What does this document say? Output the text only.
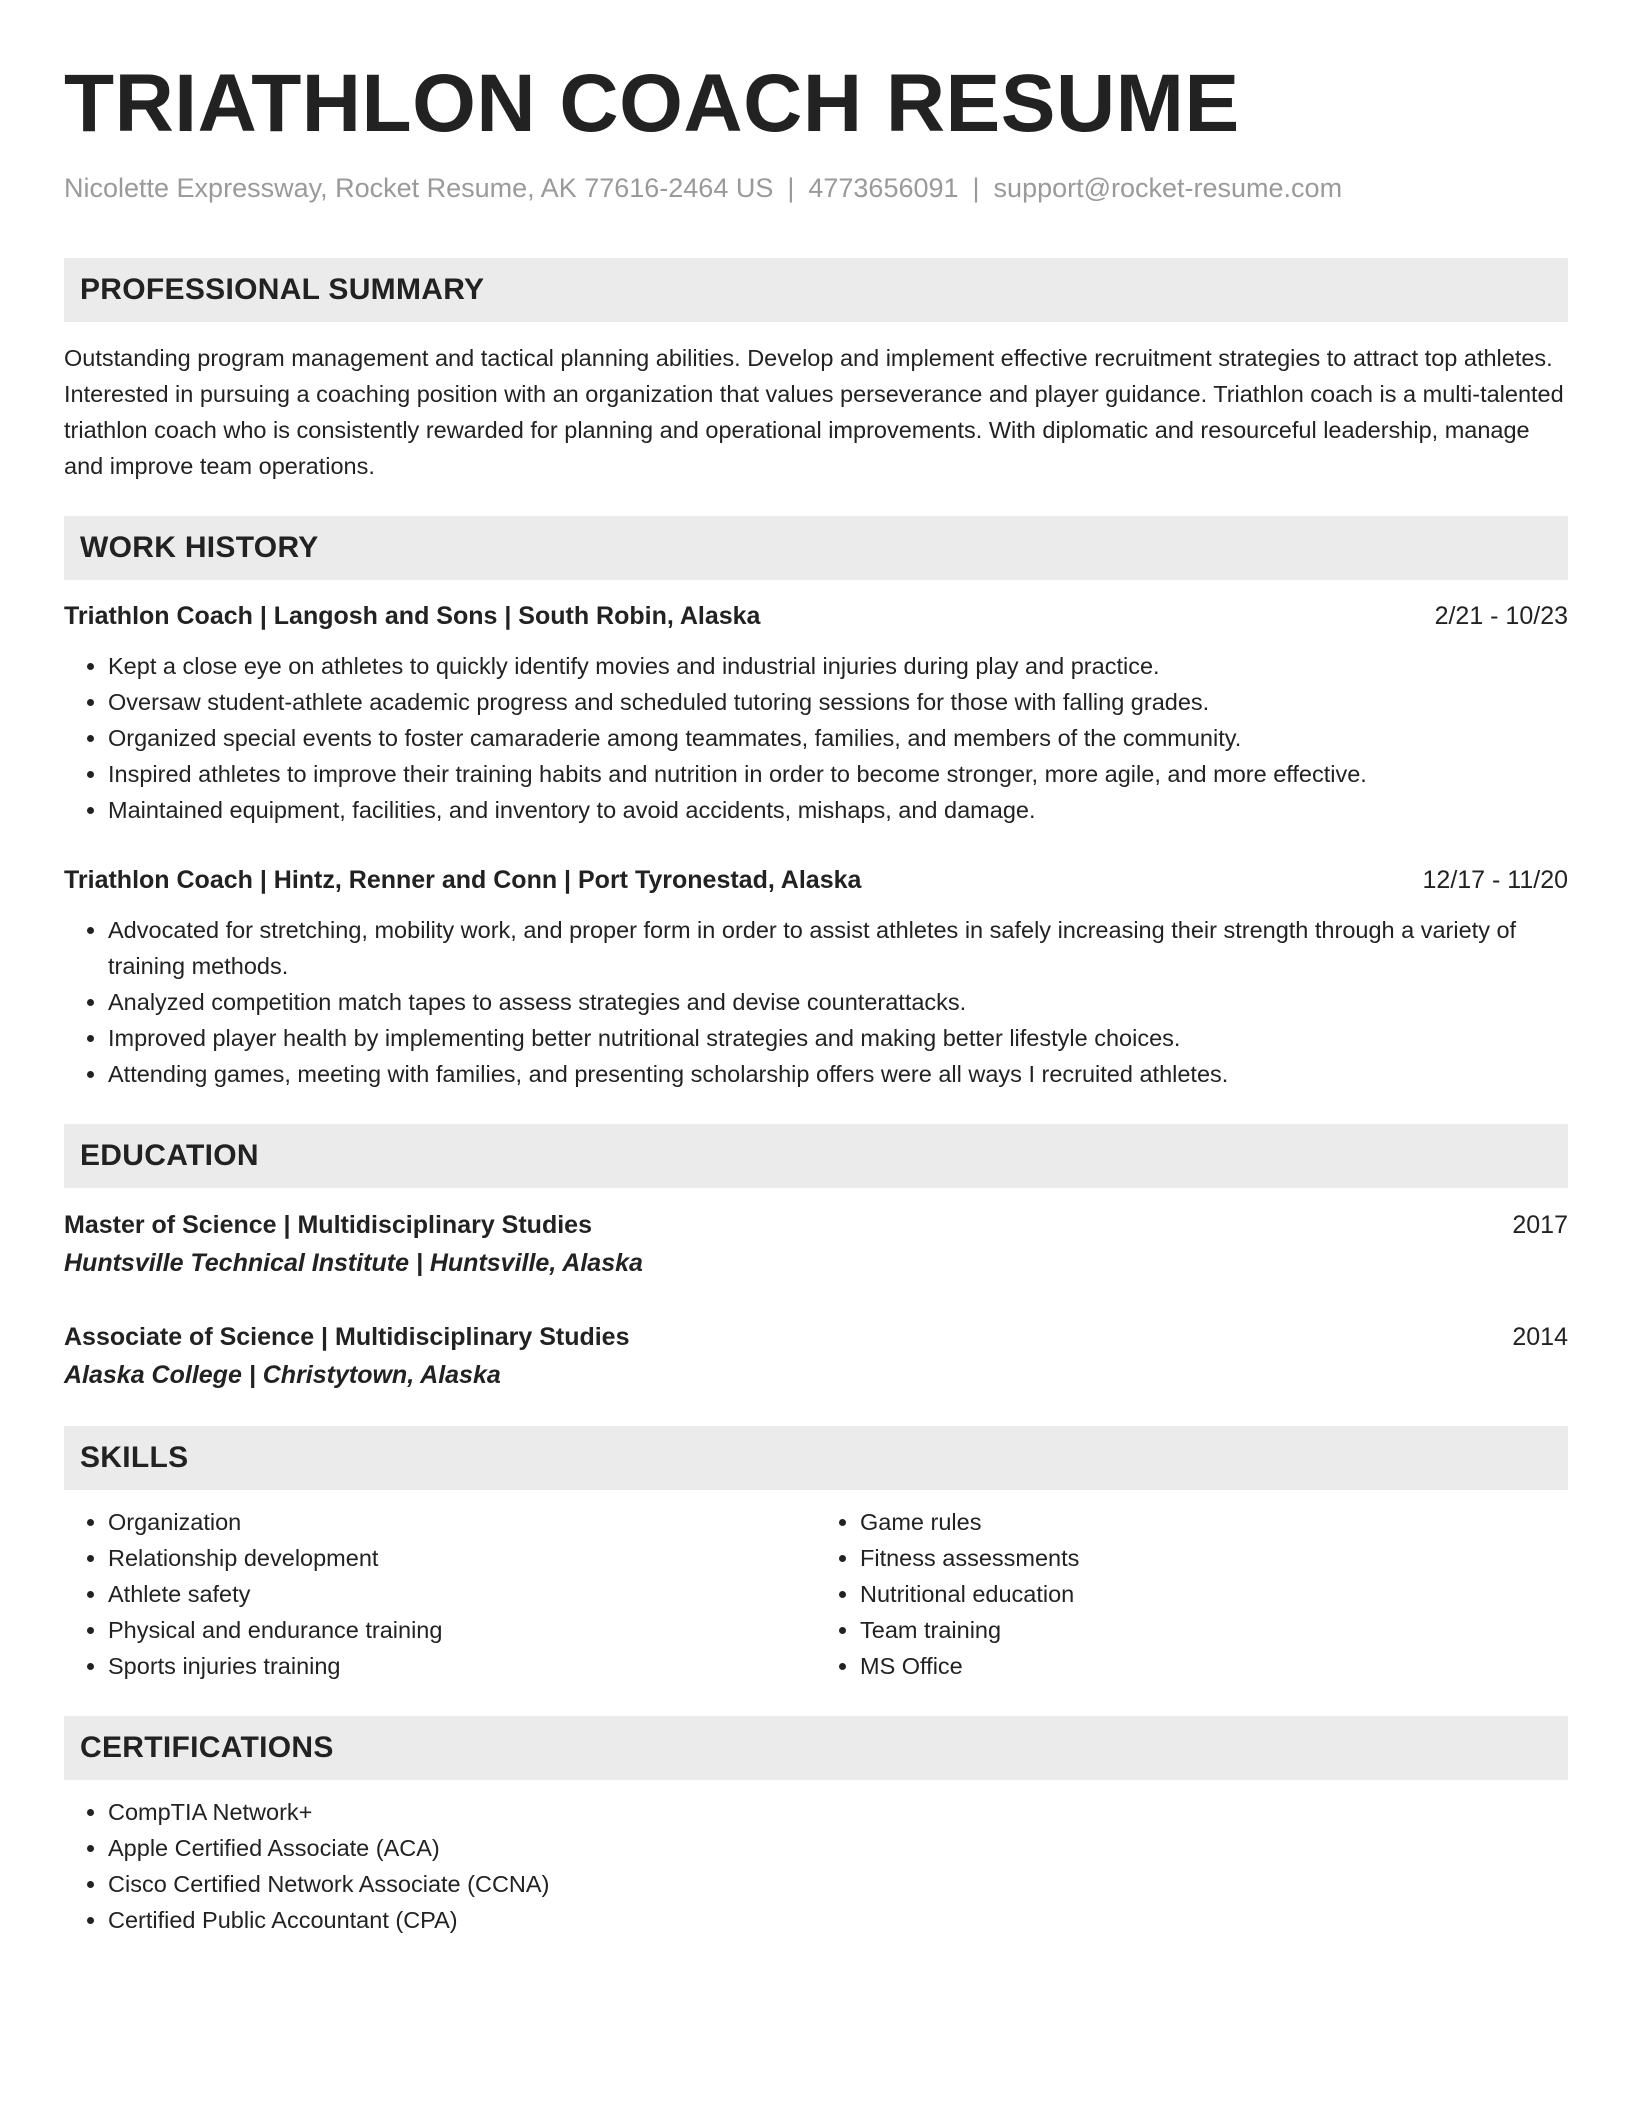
TRIATHLON COACH RESUME
Nicolette Expressway, Rocket Resume, AK 77616-2464 US | 4773656091 | support@rocket-resume.com
PROFESSIONAL SUMMARY

Outstanding program management and tactical planning abilities. Develop and implement effective recruitment strategies to attract top athletes. Interested in pursuing a coaching position with an organization that values perseverance and player guidance. Triathlon coach is a multi-talented triathlon coach who is consistently rewarded for planning and operational improvements. With diplomatic and resourceful leadership, manage and improve team operations.

WORK HISTORY
Triathlon Coach | Langosh and Sons | South Robin, Alaska	2/21 - 10/23
• Kept a close eye on athletes to quickly identify movies and industrial injuries during play and practice.
• Oversaw student-athlete academic progress and scheduled tutoring sessions for those with falling grades.
• Organized special events to foster camaraderie among teammates, families, and members of the community.
• Inspired athletes to improve their training habits and nutrition in order to become stronger, more agile, and more effective.
• Maintained equipment, facilities, and inventory to avoid accidents, mishaps, and damage.
Triathlon Coach | Hintz, Renner and Conn | Port Tyronestad, Alaska	12/17 - 11/20
• Advocated for stretching, mobility work, and proper form in order to assist athletes in safely increasing their strength through a variety of training methods.
• Analyzed competition match tapes to assess strategies and devise counterattacks.
• Improved player health by implementing better nutritional strategies and making better lifestyle choices.
• Attending games, meeting with families, and presenting scholarship offers were all ways I recruited athletes.
EDUCATION
Master of Science | Multidisciplinary Studies	2017
Huntsville Technical Institute | Huntsville, Alaska
Associate of Science | Multidisciplinary Studies	2014
Alaska College | Christytown, Alaska
SKILLS
• Organization
• Relationship development
• Athlete safety
• Physical and endurance training
• Sports injuries training
• Game rules
• Fitness assessments
• Nutritional education
• Team training
• MS Office
CERTIFICATIONS
• CompTIA Network+
• Apple Certified Associate (ACA)
• Cisco Certified Network Associate (CCNA)
• Certified Public Accountant (CPA)
